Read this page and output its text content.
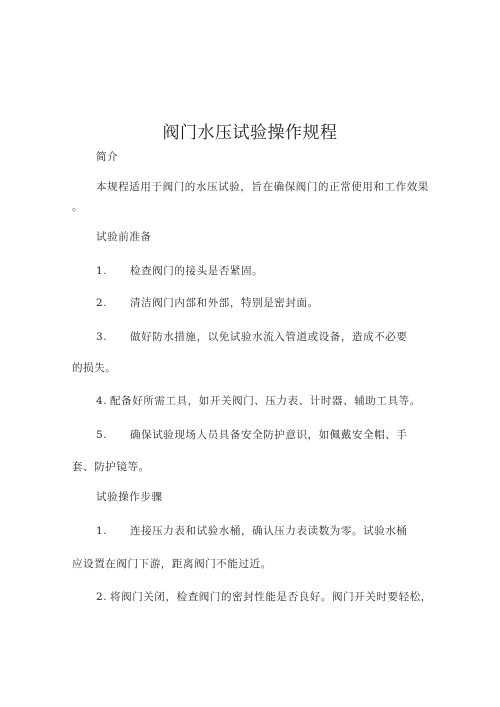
阀门水压试验操作规程
简介
本规程适用于阀门的水压试验，旨在确保阀门的正常使用和工作效果
。
试验前准备
1. 检查阀门的接头是否紧固。
2. 清洁阀门内部和外部，特别是密封面。
3. 做好防水措施，以免试验水流入管道或设备，造成不必要
的损失。
4. 配备好所需工具，如开关阀门、压力表、计时器、辅助工具等。
5. 确保试验现场人员具备安全防护意识，如佩戴安全帽、手
套、防护镜等。
试验操作步骤
1. 连接压力表和试验水桶，确认压力表读数为零。试验水桶
应设置在阀门下游，距离阀门不能过近。
2. 将阀门关闭，检查阀门的密封性能是否良好。阀门开关时要轻松，
